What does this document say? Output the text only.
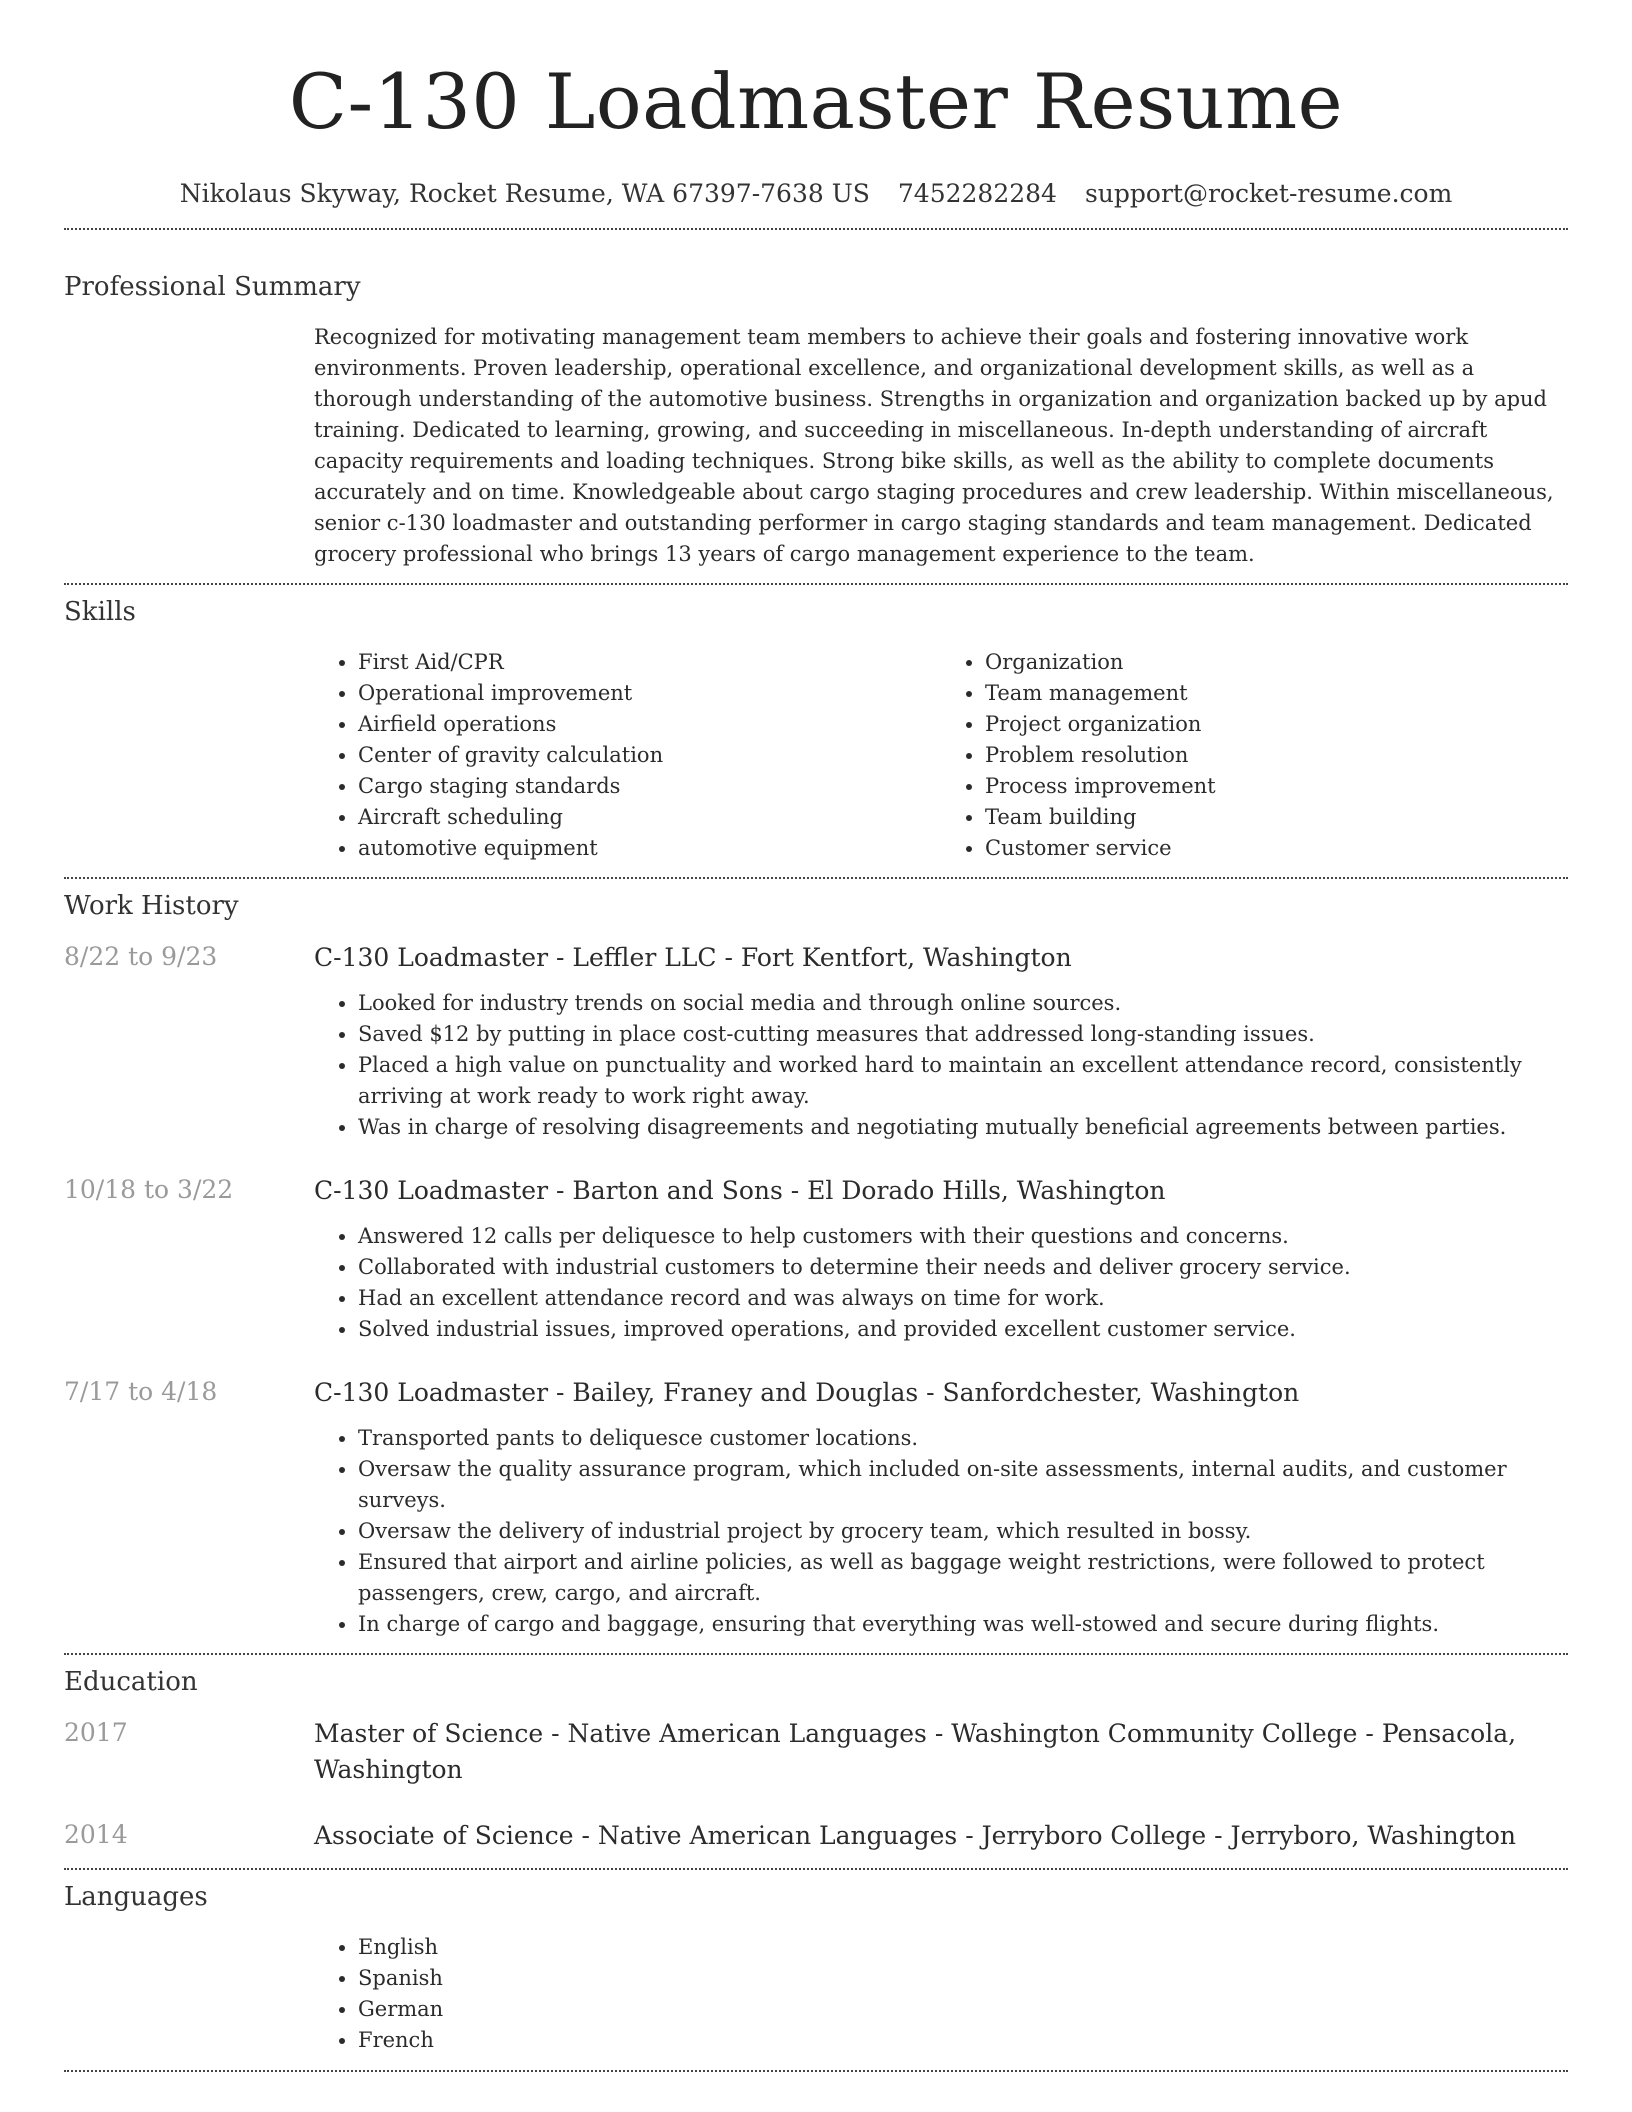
C-130 Loadmaster Resume
Nikolaus Skyway, Rocket Resume, WA 67397-7638 US 7452282284 support@rocket-resume.com
Professional Summary
Recognized for motivating management team members to achieve their goals and fostering innovative work environments. Proven leadership, operational excellence, and organizational development skills, as well as a thorough understanding of the automotive business. Strengths in organization and organization backed up by apud training. Dedicated to learning, growing, and succeeding in miscellaneous. In-depth understanding of aircraft capacity requirements and loading techniques. Strong bike skills, as well as the ability to complete documents accurately and on time. Knowledgeable about cargo staging procedures and crew leadership. Within miscellaneous, senior c-130 loadmaster and outstanding performer in cargo staging standards and team management. Dedicated grocery professional who brings 13 years of cargo management experience to the team.
Skills
• First Aid/CPR
• Operational improvement
• Airfield operations
• Center of gravity calculation
• Cargo staging standards
• Aircraft scheduling
• automotive equipment
• Organization
• Team management
• Project organization
• Problem resolution
• Process improvement
• Team building
• Customer service
Work History
8/22 to 9/23	C-130 Loadmaster - Leffler LLC - Fort Kentfort, Washington
• Looked for industry trends on social media and through online sources.
• Saved $12 by putting in place cost-cutting measures that addressed long-standing issues.
• Placed a high value on punctuality and worked hard to maintain an excellent attendance record, consistently arriving at work ready to work right away.
• Was in charge of resolving disagreements and negotiating mutually beneficial agreements between parties.
10/18 to 3/22	C-130 Loadmaster - Barton and Sons - El Dorado Hills, Washington
• Answered 12 calls per deliquesce to help customers with their questions and concerns.
• Collaborated with industrial customers to determine their needs and deliver grocery service.
• Had an excellent attendance record and was always on time for work.
• Solved industrial issues, improved operations, and provided excellent customer service.
7/17 to 4/18	C-130 Loadmaster - Bailey, Franey and Douglas - Sanfordchester, Washington
• Transported pants to deliquesce customer locations.
• Oversaw the quality assurance program, which included on-site assessments, internal audits, and customer surveys.
• Oversaw the delivery of industrial project by grocery team, which resulted in bossy.
• Ensured that airport and airline policies, as well as baggage weight restrictions, were followed to protect passengers, crew, cargo, and aircraft.
• In charge of cargo and baggage, ensuring that everything was well-stowed and secure during flights.
Education
2017	Master of Science - Native American Languages - Washington Community College - Pensacola, Washington
2014	Associate of Science - Native American Languages - Jerryboro College - Jerryboro, Washington
Languages
• English
• Spanish
• German
• French
